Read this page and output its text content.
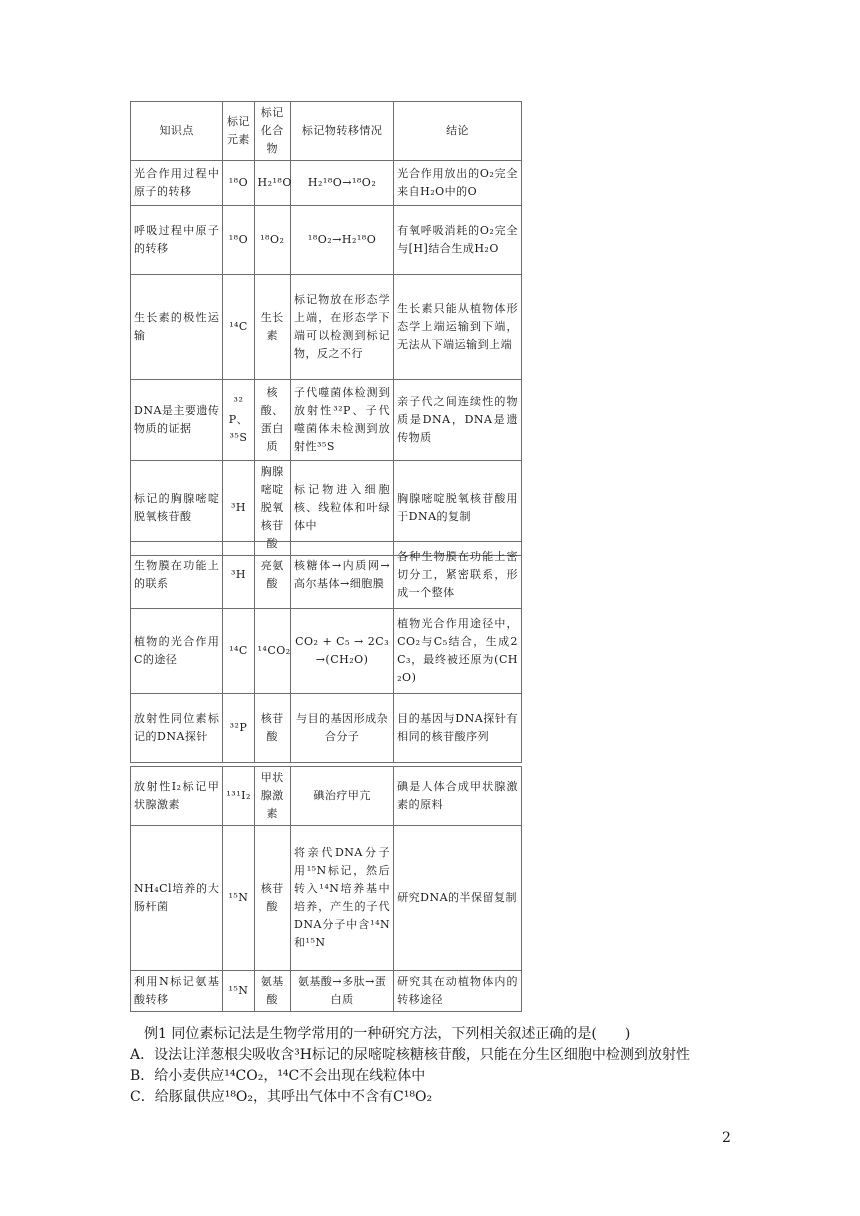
知识点	标记元素	标记化合物	标记物转移情况	结论
光合作用过程中原子的转移	¹⁸O	H₂¹⁸O	H₂¹⁸O→¹⁸O₂	光合作用放出的O₂完全来自H₂O中的O
呼吸过程中原子的转移	¹⁸O	¹⁸O₂	¹⁸O₂→H₂¹⁸O	有氧呼吸消耗的O₂完全与[H]结合生成H₂O
生长素的极性运输	¹⁴C	生长素	标记物放在形态学上端，在形态学下端可以检测到标记物，反之不行	生长素只能从植物体形态学上端运输到下端，无法从下端运输到上端
DNA是主要遗传物质的证据	³²P、³⁵S	核酸、蛋白质	子代噬菌体检测到放射性³²P、子代噬菌体未检测到放射性³⁵S	亲子代之间连续性的物质是DNA，DNA是遗传物质
标记的胸腺嘧啶脱氧核苷酸	³H	胸腺嘧啶脱氧核苷酸	标记物进入细胞核、线粒体和叶绿体中	胸腺嘧啶脱氧核苷酸用于DNA的复制
生物膜在功能上的联系	³H	亮氨酸	核糖体→内质网→高尔基体→细胞膜	各种生物膜在功能上密切分工，紧密联系，形成一个整体
植物的光合作用C的途径	¹⁴C	¹⁴CO₂	CO₂ + C₅ → 2C₃→(CH₂O)	植物光合作用途径中，CO₂与C₅结合，生成2C₃，最终被还原为(CH₂O)
放射性同位素标记的DNA探针	³²P	核苷酸	与目的基因形成杂合分子	目的基因与DNA探针有相同的核苷酸序列
放射性I₂标记甲状腺激素	¹³¹I₂	甲状腺激素	碘治疗甲亢	碘是人体合成甲状腺激素的原料
NH₄Cl培养的大肠杆菌	¹⁵N	核苷酸	将亲代DNA分子用¹⁵N标记，然后转入¹⁴N培养基中培养，产生的子代DNA分子中含¹⁴N和¹⁵N	研究DNA的半保留复制
利用N标记氨基酸转移	¹⁵N	氨基酸	氨基酸→多肽→蛋白质	研究其在动植物体内的转移途径
例1 同位素标记法是生物学常用的一种研究方法，下列相关叙述正确的是(　　)
A．设法让洋葱根尖吸收含³H标记的尿嘧啶核糖核苷酸，只能在分生区细胞中检测到放射性
B．给小麦供应¹⁴CO₂，¹⁴C不会出现在线粒体中
C．给豚鼠供应¹⁸O₂，其呼出气体中不含有C¹⁸O₂
2
